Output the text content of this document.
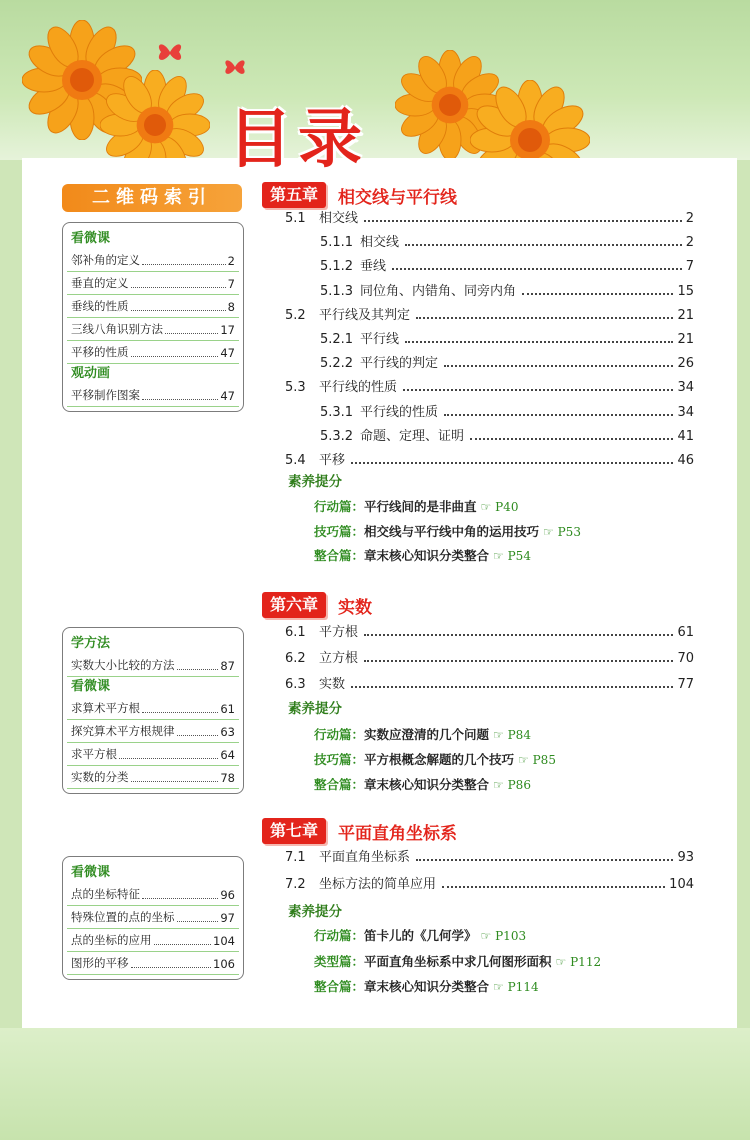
目录
二维码索引
看微课
邻补角的定义	2
垂直的定义	7
垂线的性质	8
三线八角识别方法	17
平移的性质	47
观动画
平移制作图案	47
学方法
实数大小比较的方法	87
看微课
求算术平方根	61
探究算术平方根规律	63
求平方根	64
实数的分类	78
看微课
点的坐标特征	96
特殊位置的点的坐标	97
点的坐标的应用	104
图形的平移	106
第五章	相交线与平行线
5.1	相交线	2
5.1.1 相交线	2
5.1.2 垂线	7
5.1.3 同位角、内错角、同旁内角	15
5.2	平行线及其判定	21
5.2.1 平行线	21
5.2.2 平行线的判定	26
5.3	平行线的性质	34
5.3.1 平行线的性质	34
5.3.2 命题、定理、证明	41
5.4	平移	46
素养提分
行动篇：平行线间的是非曲直 ☞ P40
技巧篇：相交线与平行线中角的运用技巧 ☞ P53
整合篇：章末核心知识分类整合 ☞ P54
第六章	实数
6.1	平方根	61
6.2	立方根	70
6.3	实数	77
素养提分
行动篇：实数应澄清的几个问题 ☞ P84
技巧篇：平方根概念解题的几个技巧 ☞ P85
整合篇：章末核心知识分类整合 ☞ P86
第七章	平面直角坐标系
7.1	平面直角坐标系	93
7.2	坐标方法的简单应用	104
素养提分
行动篇：笛卡儿的《几何学》 ☞ P103
类型篇：平面直角坐标系中求几何图形面积 ☞ P112
整合篇：章末核心知识分类整合 ☞ P114
